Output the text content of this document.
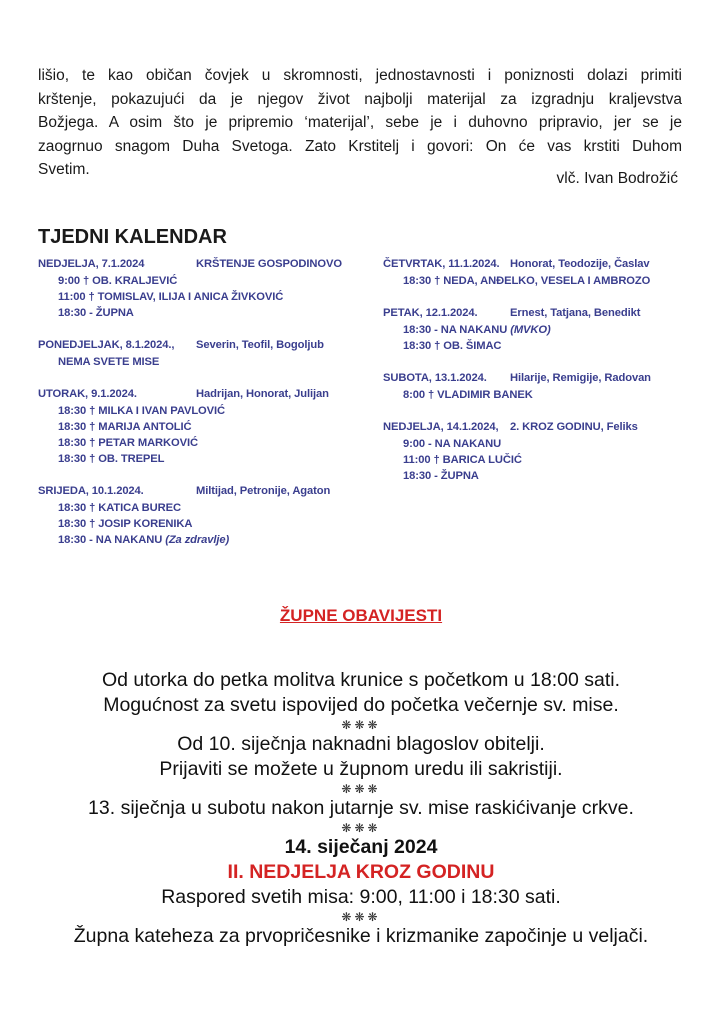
lišio, te kao običan čovjek u skromnosti, jednostavnosti i poniznosti dolazi primiti
krštenje, pokazujući da je njegov život najbolji materijal za izgradnju kraljevstva
Božjega. A osim što je pripremio ‘materijal’, sebe je i duhovno pripravio, jer se je
zaogrnuo snagom Duha Svetoga. Zato Krstitelj i govori: On će vas krstiti Duhom
Svetim.
vlč. Ivan Bodrožić
TJEDNI KALENDAR
NEDJELJA, 7.1.2024	KRŠTENJE GOSPODINOVO
9:00 † OB. KRALJEVIĆ
11:00 † TOMISLAV, ILIJA I ANICA ŽIVKOVIĆ
18:30 - ŽUPNA
PONEDJELJAK, 8.1.2024., Severin, Teofil, Bogoljub
NEMA SVETE MISE
UTORAK, 9.1.2024.	Hadrijan, Honorat, Julijan
18:30 † MILKA I IVAN PAVLOVIĆ
18:30 † MARIJA ANTOLIĆ
18:30 † PETAR MARKOVIĆ
18:30 † OB. TREPEL
SRIJEDA, 10.1.2024.	Miltijad, Petronije, Agaton
18:30 † KATICA BUREC
18:30 † JOSIP KORENIKA
18:30 - NA NAKANU (Za zdravlje)
ČETVRTAK, 11.1.2024. Honorat, Teodozije, Časlav
18:30 † NEDA, ANĐELKO, VESELA I AMBROZO
PETAK, 12.1.2024.	Ernest, Tatjana, Benedikt
18:30 - NA NAKANU (MVKO)
18:30 † OB. ŠIMAC
SUBOTA, 13.1.2024. Hilarije, Remigije, Radovan
8:00 † VLADIMIR BANEK
NEDJELJA, 14.1.2024, 2. KROZ GODINU, Feliks
9:00 - NA NAKANU
11:00 † BARICA LUČIĆ
18:30 - ŽUPNA
ŽUPNE OBAVIJESTI
Od utorka do petka molitva krunice s početkom u 18:00 sati.
Mogućnost za svetu ispovijed do početka večernje sv. mise.
❋❋❋
Od 10. siječnja naknadni blagoslov obitelji.
Prijaviti se možete u župnom uredu ili sakristiji.
❋❋❋
13. siječnja u subotu nakon jutarnje sv. mise raskićivanje crkve.
❋❋❋
14. siječanj 2024
II. NEDJELJA KROZ GODINU
Raspored svetih misa: 9:00, 11:00 i 18:30 sati.
❋❋❋
Župna kateheza za prvopričesnike i krizmanike započinje u veljači.
